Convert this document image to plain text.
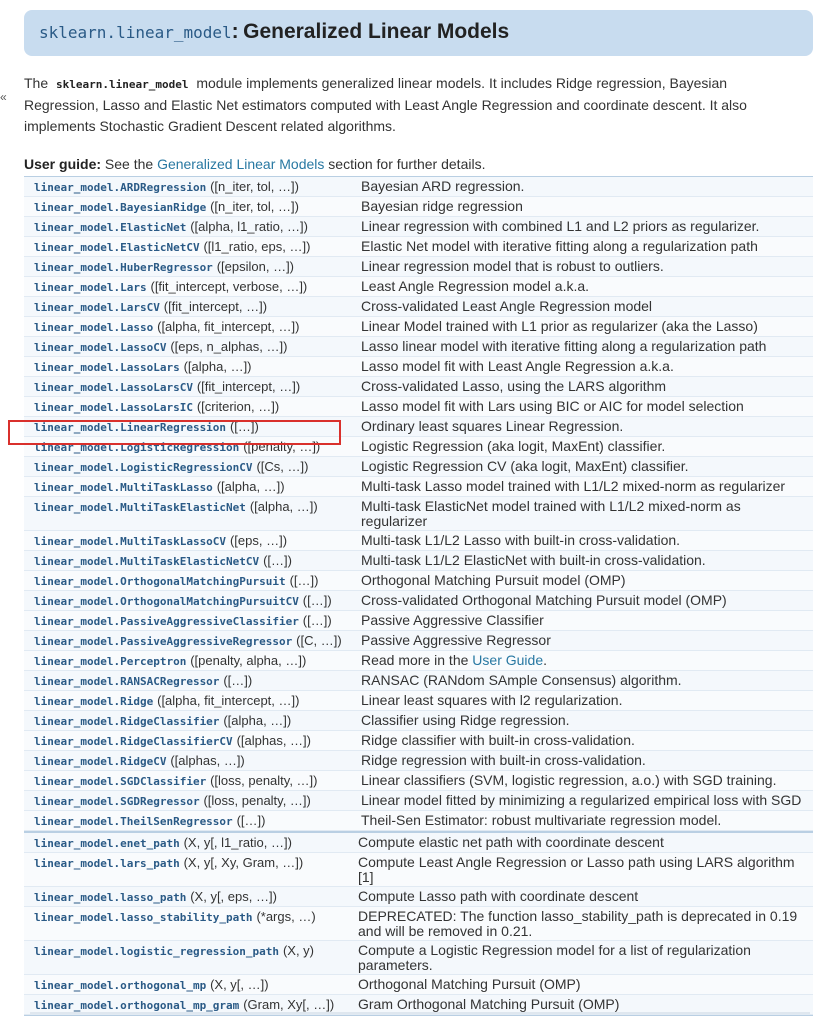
«
sklearn.linear_model: Generalized Linear Models
The sklearn.linear_model module implements generalized linear models. It includes Ridge regression, Bayesian Regression, Lasso and Elastic Net estimators computed with Least Angle Regression and coordinate descent. It also implements Stochastic Gradient Descent related algorithms.
User guide: See the Generalized Linear Models section for further details.
linear_model.ARDRegression ([n_iter, tol, …])	Bayesian ARD regression.
linear_model.BayesianRidge ([n_iter, tol, …])	Bayesian ridge regression
linear_model.ElasticNet ([alpha, l1_ratio, …])	Linear regression with combined L1 and L2 priors as regularizer.
linear_model.ElasticNetCV ([l1_ratio, eps, …])	Elastic Net model with iterative fitting along a regularization path
linear_model.HuberRegressor ([epsilon, …])	Linear regression model that is robust to outliers.
linear_model.Lars ([fit_intercept, verbose, …])	Least Angle Regression model a.k.a.
linear_model.LarsCV ([fit_intercept, …])	Cross-validated Least Angle Regression model
linear_model.Lasso ([alpha, fit_intercept, …])	Linear Model trained with L1 prior as regularizer (aka the Lasso)
linear_model.LassoCV ([eps, n_alphas, …])	Lasso linear model with iterative fitting along a regularization path
linear_model.LassoLars ([alpha, …])	Lasso model fit with Least Angle Regression a.k.a.
linear_model.LassoLarsCV ([fit_intercept, …])	Cross-validated Lasso, using the LARS algorithm
linear_model.LassoLarsIC ([criterion, …])	Lasso model fit with Lars using BIC or AIC for model selection
linear_model.LinearRegression ([…])	Ordinary least squares Linear Regression.
linear_model.LogisticRegression ([penalty, …])	Logistic Regression (aka logit, MaxEnt) classifier.
linear_model.LogisticRegressionCV ([Cs, …])	Logistic Regression CV (aka logit, MaxEnt) classifier.
linear_model.MultiTaskLasso ([alpha, …])	Multi-task Lasso model trained with L1/L2 mixed-norm as regularizer
linear_model.MultiTaskElasticNet ([alpha, …])	Multi-task ElasticNet model trained with L1/L2 mixed-norm as regularizer
linear_model.MultiTaskLassoCV ([eps, …])	Multi-task L1/L2 Lasso with built-in cross-validation.
linear_model.MultiTaskElasticNetCV ([…])	Multi-task L1/L2 ElasticNet with built-in cross-validation.
linear_model.OrthogonalMatchingPursuit ([…])	Orthogonal Matching Pursuit model (OMP)
linear_model.OrthogonalMatchingPursuitCV ([…])	Cross-validated Orthogonal Matching Pursuit model (OMP)
linear_model.PassiveAggressiveClassifier ([…])	Passive Aggressive Classifier
linear_model.PassiveAggressiveRegressor ([C, …])	Passive Aggressive Regressor
linear_model.Perceptron ([penalty, alpha, …])	Read more in the User Guide.
linear_model.RANSACRegressor ([…])	RANSAC (RANdom SAmple Consensus) algorithm.
linear_model.Ridge ([alpha, fit_intercept, …])	Linear least squares with l2 regularization.
linear_model.RidgeClassifier ([alpha, …])	Classifier using Ridge regression.
linear_model.RidgeClassifierCV ([alphas, …])	Ridge classifier with built-in cross-validation.
linear_model.RidgeCV ([alphas, …])	Ridge regression with built-in cross-validation.
linear_model.SGDClassifier ([loss, penalty, …])	Linear classifiers (SVM, logistic regression, a.o.) with SGD training.
linear_model.SGDRegressor ([loss, penalty, …])	Linear model fitted by minimizing a regularized empirical loss with SGD
linear_model.TheilSenRegressor ([…])	Theil-Sen Estimator: robust multivariate regression model.
linear_model.enet_path (X, y[, l1_ratio, …])	Compute elastic net path with coordinate descent
linear_model.lars_path (X, y[, Xy, Gram, …])	Compute Least Angle Regression or Lasso path using LARS algorithm [1]
linear_model.lasso_path (X, y[, eps, …])	Compute Lasso path with coordinate descent
linear_model.lasso_stability_path (*args, …)	DEPRECATED: The function lasso_stability_path is deprecated in 0.19 and will be removed in 0.21.
linear_model.logistic_regression_path (X, y)	Compute a Logistic Regression model for a list of regularization parameters.
linear_model.orthogonal_mp (X, y[, …])	Orthogonal Matching Pursuit (OMP)
linear_model.orthogonal_mp_gram (Gram, Xy[, …])	Gram Orthogonal Matching Pursuit (OMP)
